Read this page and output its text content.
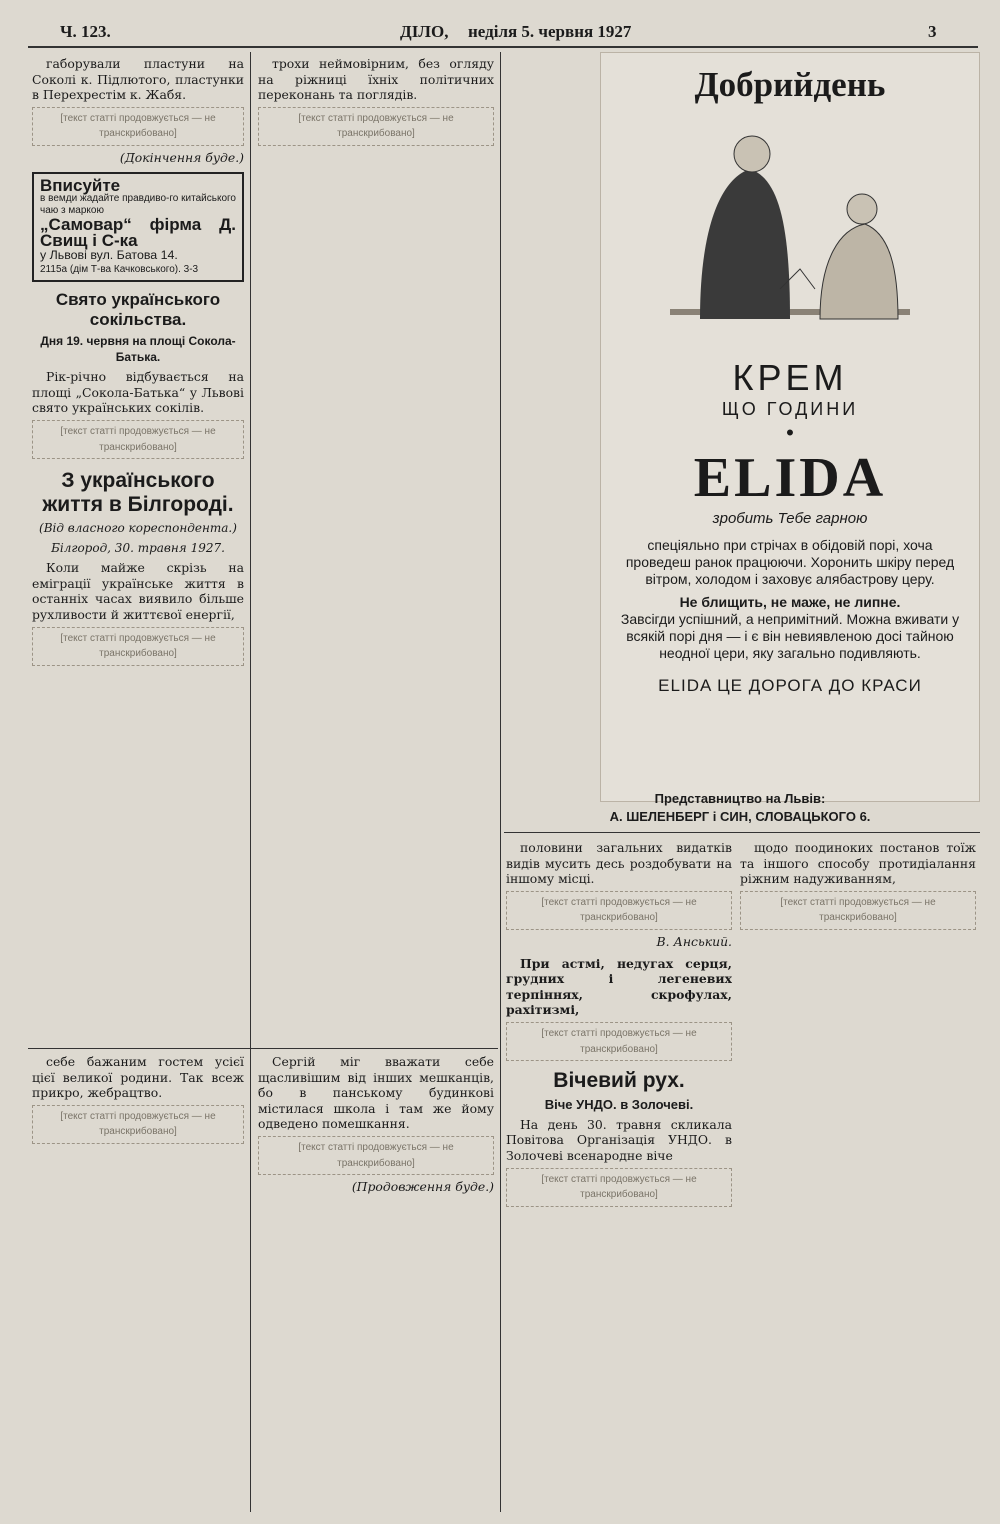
Ч. 123.	ДІЛО, неділя 5. червня 1927	3

габорували пластуни на Соколі к. Підлютого, пластунки в Перехрестім к. Жабя.

[текст статті продовжується — не транскрибовано]
(Докінчення буде.)
Вписуйте
в вемди жадайте правдиво-го китайського чаю з маркою
„Самовар“ фірма Д. Свищ і С-ка
у Львові вул. Батова 14.
2115а (дім Т-ва Качковського). 3-3
Свято українського сокільства.
Дня 19. червня на площі Сокола-Батька.

Рік-річно відбувається на площі „Сокола-Батька“ у Львові свято українських сокілів.

[текст статті продовжується — не транскрибовано]
З українського життя в Білгороді.
(Від власного кореспондента.)
Білгород, 30. травня 1927.

Коли майже скрізь на еміграції українське життя в останніх часах виявило більше рухливости й життєвої енергії,

[текст статті продовжується — не транскрибовано]

трохи неймовірним, без огляду на ріжниці їхніх політичних переконань та поглядів.

[текст статті продовжується — не транскрибовано]

себе бажаним гостем усієї цієї великої родини. Так всеж прикро, жебрацтво.

[текст статті продовжується — не транскрибовано]

Сергій міг вважати себе щасливішим від інших мешканців, бо в панському будинкові містилася школа і там же йому одведено помешкання.

[текст статті продовжується — не транскрибовано]
(Продовження буде.)
Добрийдень
КРЕМ
ЩО ГОДИНИ
•
ELIDA
зробить Тебе гарною
спеціяльно при стрічах в обідовій порі, хоча проведеш ранок працюючи. Хоронить шкіру перед вітром, холодом і заховує алябастрову церу.
Не блищить, не маже, не липне.
Завсігди успішний, а непримітний. Можна вживати у всякій порі дня — і є він невиявленою досі тайною неодної цери, яку загально подивляють.
ELIDA ЦЕ ДОРОГА ДО КРАСИ
Представництво на Львів:
А. ШЕЛЕНБЕРГ і СИН, СЛОВАЦЬКОГО 6.

половини загальних видатків видів мусить десь роздобувати на іншому місці.

[текст статті продовжується — не транскрибовано]
В. Анський.

При астмі, недугах серця, грудних і легеневих терпіннях, скрофулах, рахітизмі,

[текст статті продовжується — не транскрибовано]
Вічевий рух.
Віче УНДО. в Золочеві.

На день 30. травня скликала Повітова Організація УНДО. в Золочеві всенародне віче

[текст статті продовжується — не транскрибовано]

щодо поодиноких постанов тоїж та іншого способу протидіалання ріжним надуживанням,

[текст статті продовжується — не транскрибовано]
